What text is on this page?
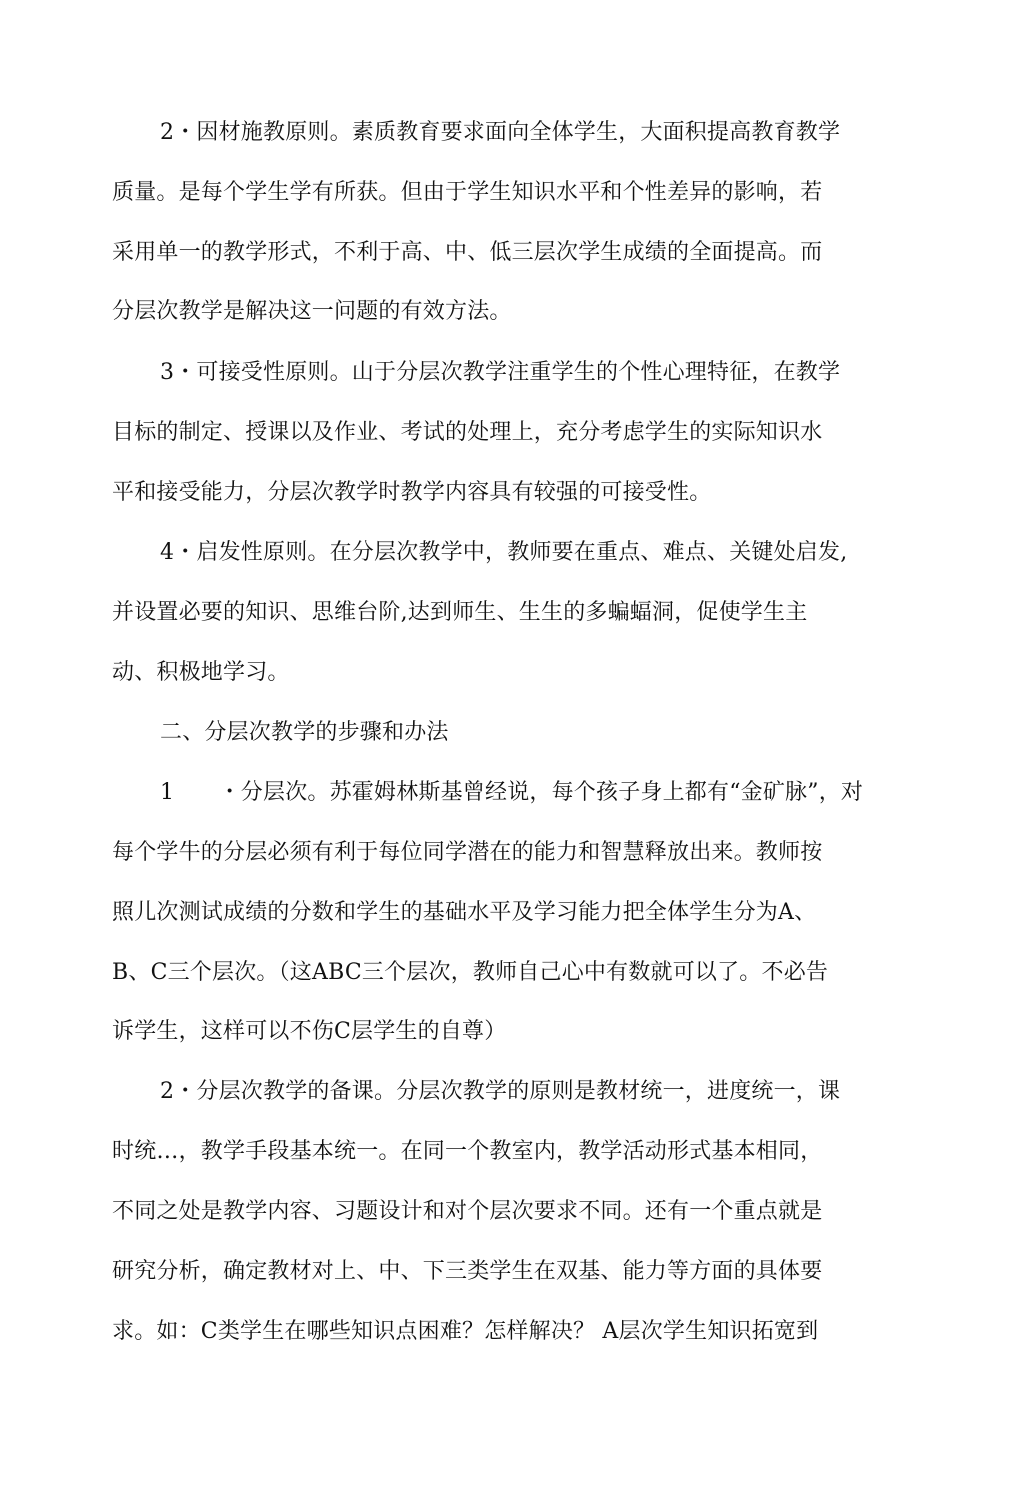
2・因材施教原则。素质教育要求面向全体学生，大面积提高教育教学
质量。是每个学生学有所获。但由于学生知识水平和个性差异的影响，若
采用单一的教学形式，不利于高、中、低三层次学生成绩的全面提高。而
分层次教学是解决这一问题的有效方法。
3・可接受性原则。山于分层次教学注重学生的个性心理特征，在教学
目标的制定、授课以及作业、考试的处理上，充分考虑学生的实际知识水
平和接受能力，分层次教学时教学内容具有较强的可接受性。
4・启发性原则。在分层次教学中，教师要在重点、难点、关键处启发,
并设置必要的知识、思维台阶,达到师生、生生的多蝙蝠洞，促使学生主
动、积极地学习。
二、分层次教学的步骤和办法
1　　・分层次。苏霍姆林斯基曾经说，每个孩子身上都有“金矿脉”，对
每个学牛的分层必须有利于每位同学潜在的能力和智慧释放出来。教师按
照儿次测试成绩的分数和学生的基础水平及学习能力把全体学生分为A、
B、C三个层次。（这ABC三个层次，教师自己心中有数就可以了。不必告
诉学生，这样可以不伤C层学生的自尊）
2・分层次教学的备课。分层次教学的原则是教材统一，进度统一，课
时统…，教学手段基本统一。在同一个教室内，教学活动形式基本相同，
不同之处是教学内容、习题设计和对个层次要求不同。还有一个重点就是
研究分析，确定教材对上、中、下三类学生在双基、能力等方面的具体要
求。如：C类学生在哪些知识点困难？怎样解决？ A层次学生知识拓宽到
